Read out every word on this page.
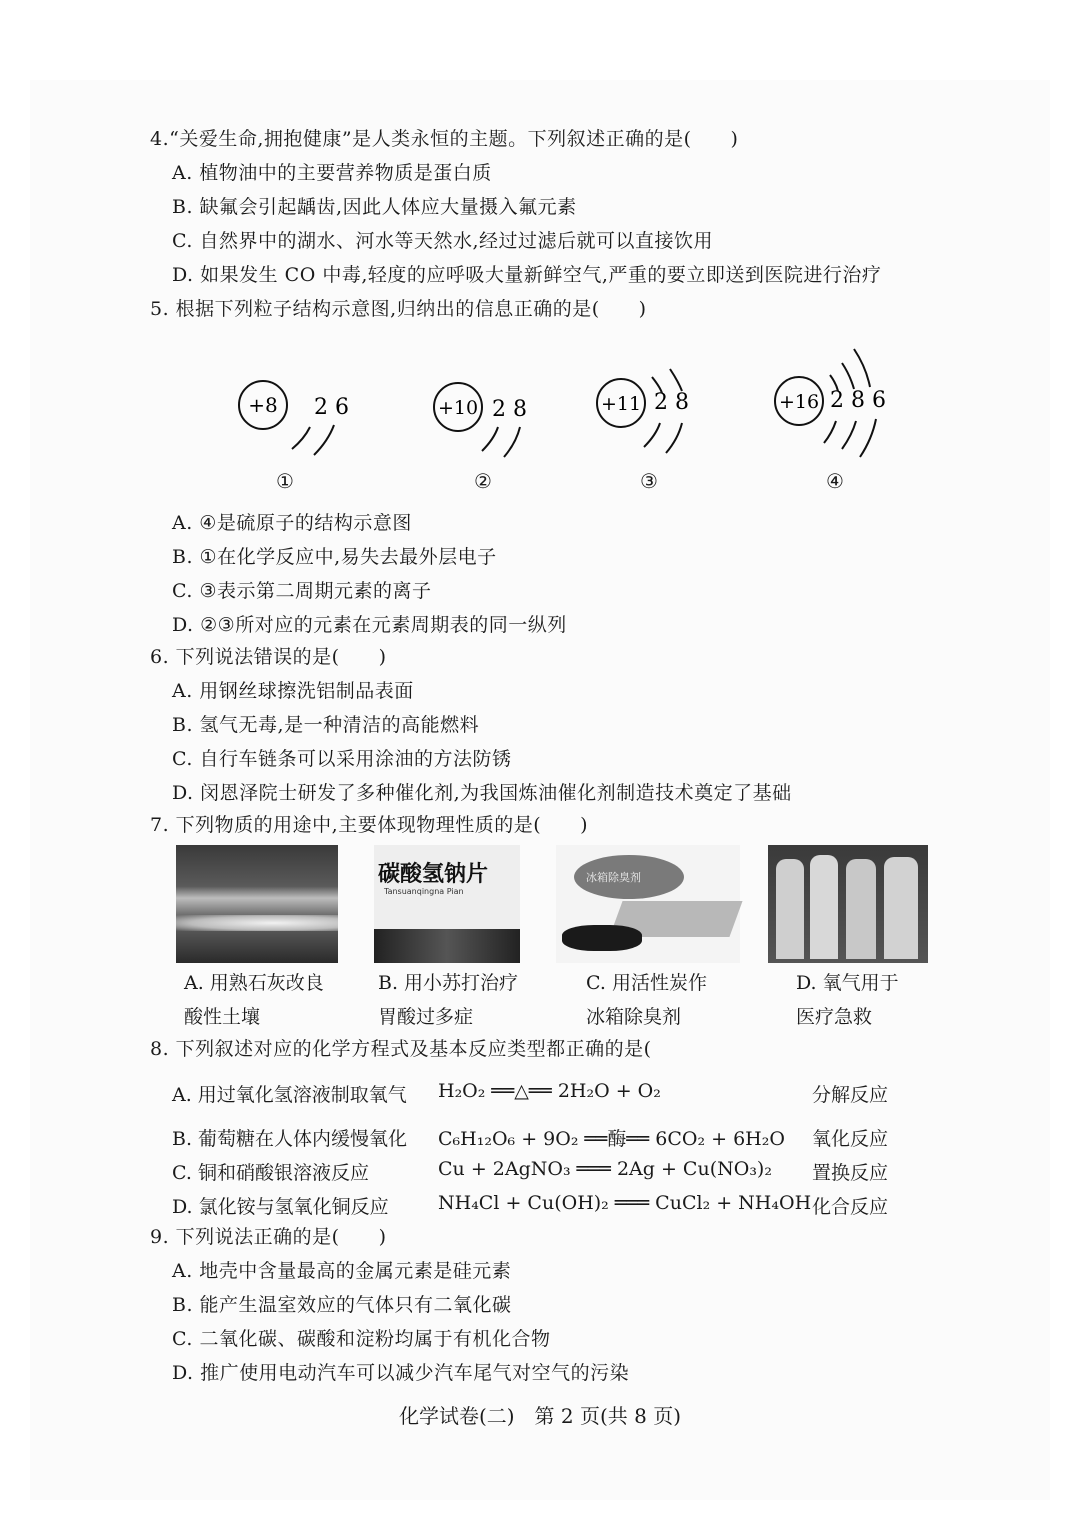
4.“关爱生命,拥抱健康”是人类永恒的主题。下列叙述正确的是(　　)
A. 植物油中的主要营养物质是蛋白质
B. 缺氟会引起龋齿,因此人体应大量摄入氟元素
C. 自然界中的湖水、河水等天然水,经过过滤后就可以直接饮用
D. 如果发生 CO 中毒,轻度的应呼吸大量新鲜空气,严重的要立即送到医院进行治疗
5. 根据下列粒子结构示意图,归纳出的信息正确的是(　　)
+8 2 6
①
+10 2 8
②
+11 2 8
③
+16 2 8 6
④
A. ④是硫原子的结构示意图
B. ①在化学反应中,易失去最外层电子
C. ③表示第二周期元素的离子
D. ②③所对应的元素在元素周期表的同一纵列
6. 下列说法错误的是(　　)
A. 用钢丝球擦洗铝制品表面
B. 氢气无毒,是一种清洁的高能燃料
C. 自行车链条可以采用涂油的方法防锈
D. 闵恩泽院士研发了多种催化剂,为我国炼油催化剂制造技术奠定了基础
7. 下列物质的用途中,主要体现物理性质的是(　　)
碳酸氢钠片
Tansuanqingna Pian
冰箱除臭剂
A. 用熟石灰改良
酸性土壤
B. 用小苏打治疗
胃酸过多症
C. 用活性炭作
冰箱除臭剂
D. 氧气用于
医疗急救
8. 下列叙述对应的化学方程式及基本反应类型都正确的是(
A. 用过氧化氢溶液制取氧气 H₂O₂ ══△══ 2H₂O + O₂	分解反应
B. 葡萄糖在人体内缓慢氧化 C₆H₁₂O₆ + 9O₂ ══酶══ 6CO₂ + 6H₂O 氧化反应
C. 铜和硝酸银溶液反应	Cu + 2AgNO₃ ═══ 2Ag + Cu(NO₃)₂ 置换反应
D. 氯化铵与氢氧化铜反应	NH₄Cl + Cu(OH)₂ ═══ CuCl₂ + NH₄OH 化合反应
9. 下列说法正确的是(　　)
A. 地壳中含量最高的金属元素是硅元素
B. 能产生温室效应的气体只有二氧化碳
C. 二氧化碳、碳酸和淀粉均属于有机化合物
D. 推广使用电动汽车可以减少汽车尾气对空气的污染
化学试卷(二)　第 2 页(共 8 页)
